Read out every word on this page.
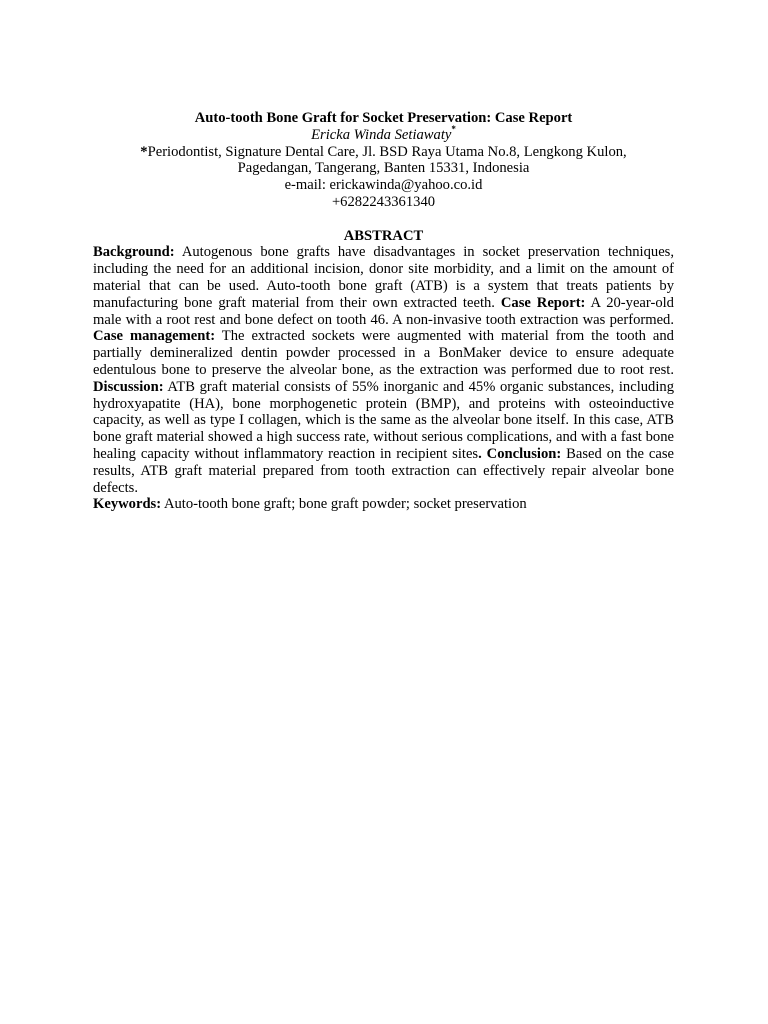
Auto-tooth Bone Graft for Socket Preservation: Case Report
Ericka Winda Setiawaty*
*Periodontist, Signature Dental Care, Jl. BSD Raya Utama No.8, Lengkong Kulon,
Pagedangan, Tangerang, Banten 15331, Indonesia
e-mail: erickawinda@yahoo.co.id
+6282243361340
ABSTRACT
Background: Autogenous bone grafts have disadvantages in socket preservation techniques, including the need for an additional incision, donor site morbidity, and a limit on the amount of material that can be used. Auto-tooth bone graft (ATB) is a system that treats patients by manufacturing bone graft material from their own extracted teeth. Case Report: A 20-year-old male with a root rest and bone defect on tooth 46. A non-invasive tooth extraction was performed. Case management: The extracted sockets were augmented with material from the tooth and partially demineralized dentin powder processed in a BonMaker device to ensure adequate edentulous bone to preserve the alveolar bone, as the extraction was performed due to root rest. Discussion: ATB graft material consists of 55% inorganic and 45% organic substances, including hydroxyapatite (HA), bone morphogenetic protein (BMP), and proteins with osteoinductive capacity, as well as type I collagen, which is the same as the alveolar bone itself. In this case, ATB bone graft material showed a high success rate, without serious complications, and with a fast bone healing capacity without inflammatory reaction in recipient sites. Conclusion: Based on the case results, ATB graft material prepared from tooth extraction can effectively repair alveolar bone defects.
Keywords: Auto-tooth bone graft; bone graft powder; socket preservation
